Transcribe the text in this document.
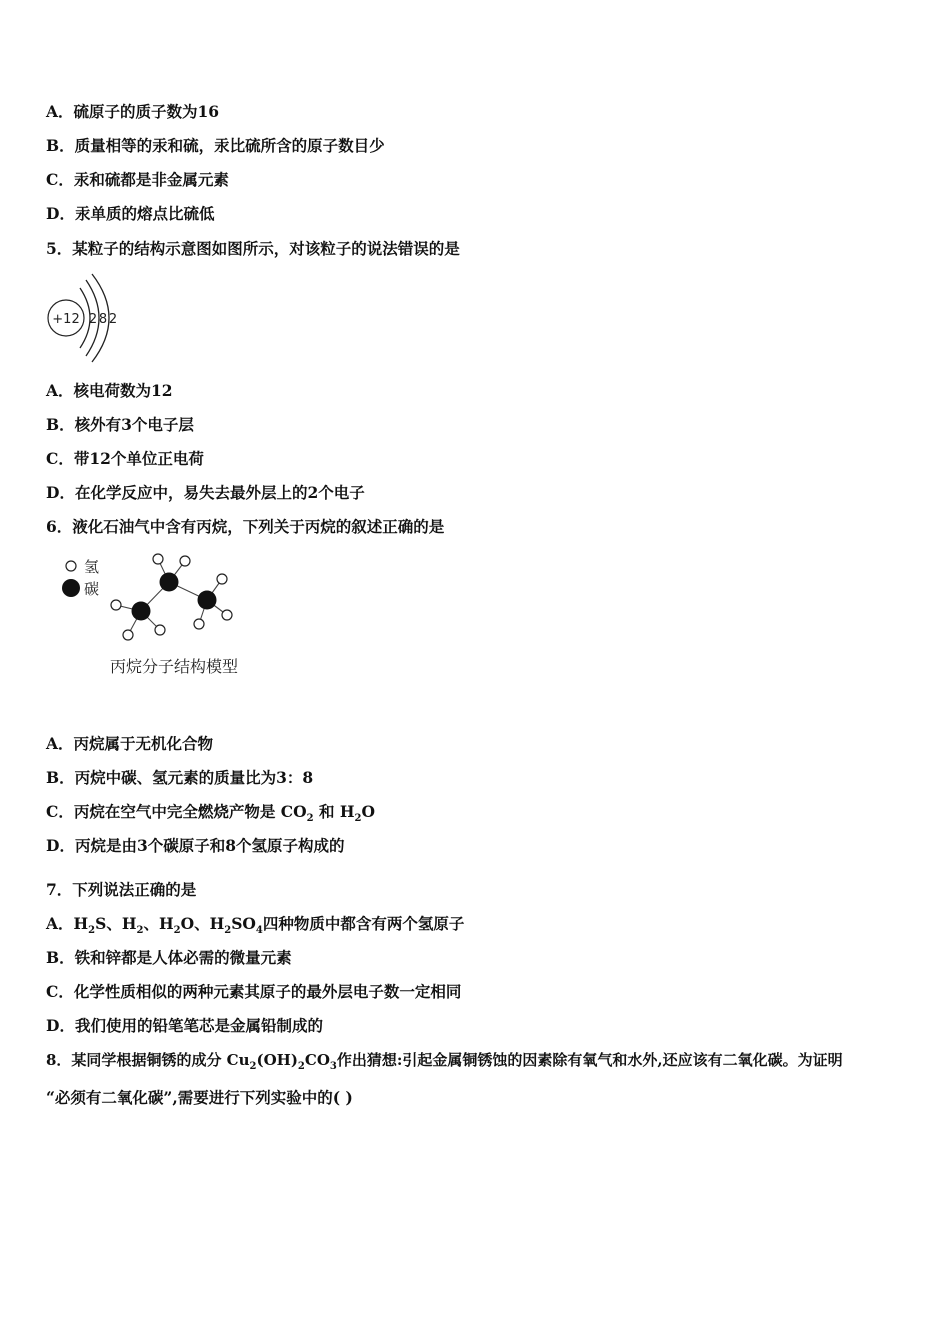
A．硫原子的质子数为16
B．质量相等的汞和硫，汞比硫所含的原子数目少
C．汞和硫都是非金属元素
D．汞单质的熔点比硫低
5．某粒子的结构示意图如图所示，对该粒子的说法错误的是
+12 2 8 2
A．核电荷数为12
B．核外有3个电子层
C．带12个单位正电荷
D．在化学反应中，易失去最外层上的2个电子
6．液化石油气中含有丙烷，下列关于丙烷的叙述正确的是
氢
碳
丙烷分子结构模型
A．丙烷属于无机化合物
B．丙烷中碳、氢元素的质量比为3：8
C．丙烷在空气中完全燃烧产物是 $CO_2$ 和 $H_2O$
D．丙烷是由3个碳原子和8个氢原子构成的
7．下列说法正确的是
A．$H_2S$、$H_2$、$H_2O$、$H_2SO_4$四种物质中都含有两个氢原子
B．铁和锌都是人体必需的微量元素
C．化学性质相似的两种元素其原子的最外层电子数一定相同
D．我们使用的铅笔笔芯是金属铅制成的
8．某同学根据铜锈的成分 $Cu_2(OH)_2CO_3$作出猜想:引起金属铜锈蚀的因素除有氧气和水外,还应该有二氧化碳。为证明
“必须有二氧化碳”,需要进行下列实验中的( )
